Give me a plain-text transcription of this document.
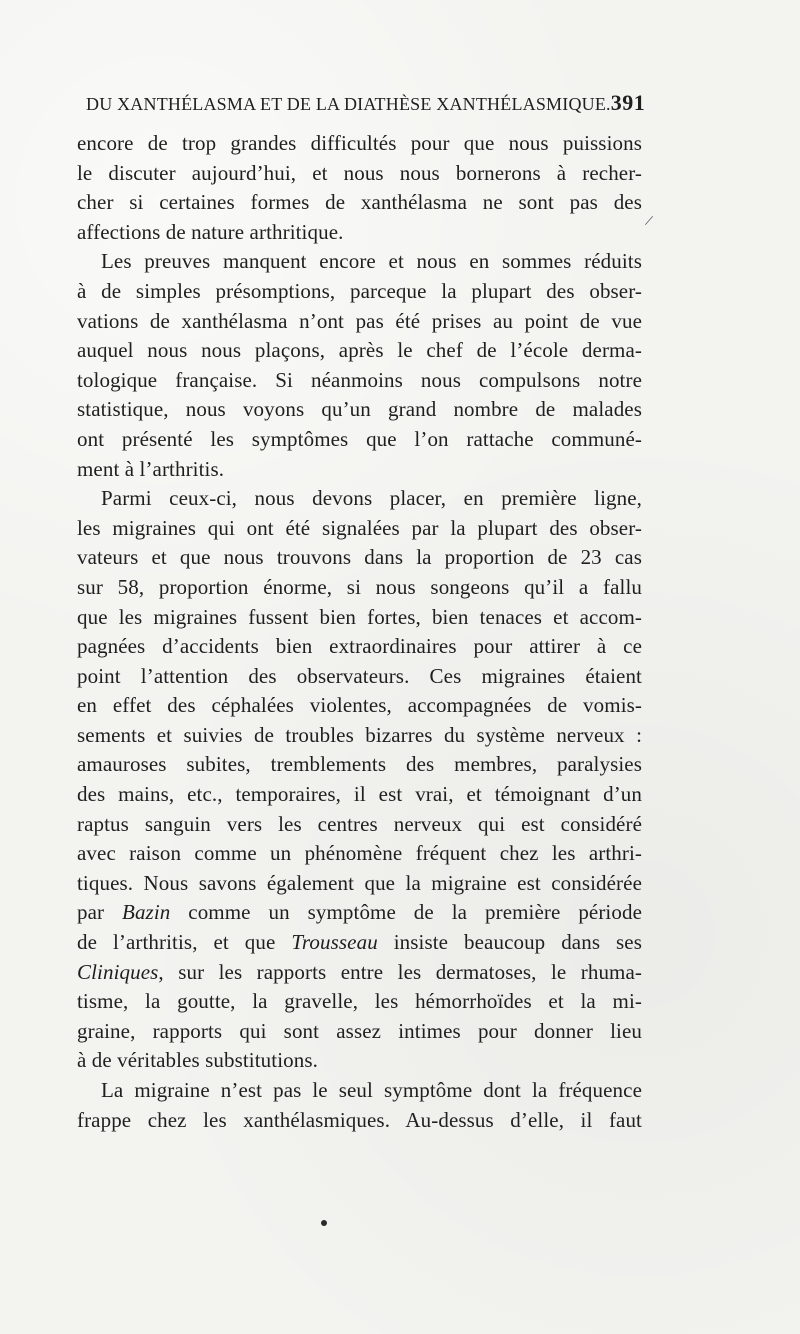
DU XANTHÉLASMA ET DE LA DIATHÈSE XANTHÉLASMIQUE. 391
encore de trop grandes difficultés pour que nous puissions
le discuter aujourd’hui, et nous nous bornerons à recher-
cher si certaines formes de xanthélasma ne sont pas des
affections de nature arthritique.
Les preuves manquent encore et nous en sommes réduits
à de simples présomptions, parceque la plupart des obser-
vations de xanthélasma n’ont pas été prises au point de vue
auquel nous nous plaçons, après le chef de l’école derma-
tologique française. Si néanmoins nous compulsons notre
statistique, nous voyons qu’un grand nombre de malades
ont présenté les symptômes que l’on rattache communé-
ment à l’arthritis.
Parmi ceux-ci, nous devons placer, en première ligne,
les migraines qui ont été signalées par la plupart des obser-
vateurs et que nous trouvons dans la proportion de 23 cas
sur 58, proportion énorme, si nous songeons qu’il a fallu
que les migraines fussent bien fortes, bien tenaces et accom-
pagnées d’accidents bien extraordinaires pour attirer à ce
point l’attention des observateurs. Ces migraines étaient
en effet des céphalées violentes, accompagnées de vomis-
sements et suivies de troubles bizarres du système nerveux :
amauroses subites, tremblements des membres, paralysies
des mains, etc., temporaires, il est vrai, et témoignant d’un
raptus sanguin vers les centres nerveux qui est considéré
avec raison comme un phénomène fréquent chez les arthri-
tiques. Nous savons également que la migraine est considérée
par Bazin comme un symptôme de la première période
de l’arthritis, et que Trousseau insiste beaucoup dans ses
Cliniques, sur les rapports entre les dermatoses, le rhuma-
tisme, la goutte, la gravelle, les hémorrhoïdes et la mi-
graine, rapports qui sont assez intimes pour donner lieu
à de véritables substitutions.
La migraine n’est pas le seul symptôme dont la fréquence
frappe chez les xanthélasmiques. Au-dessus d’elle, il faut
/
